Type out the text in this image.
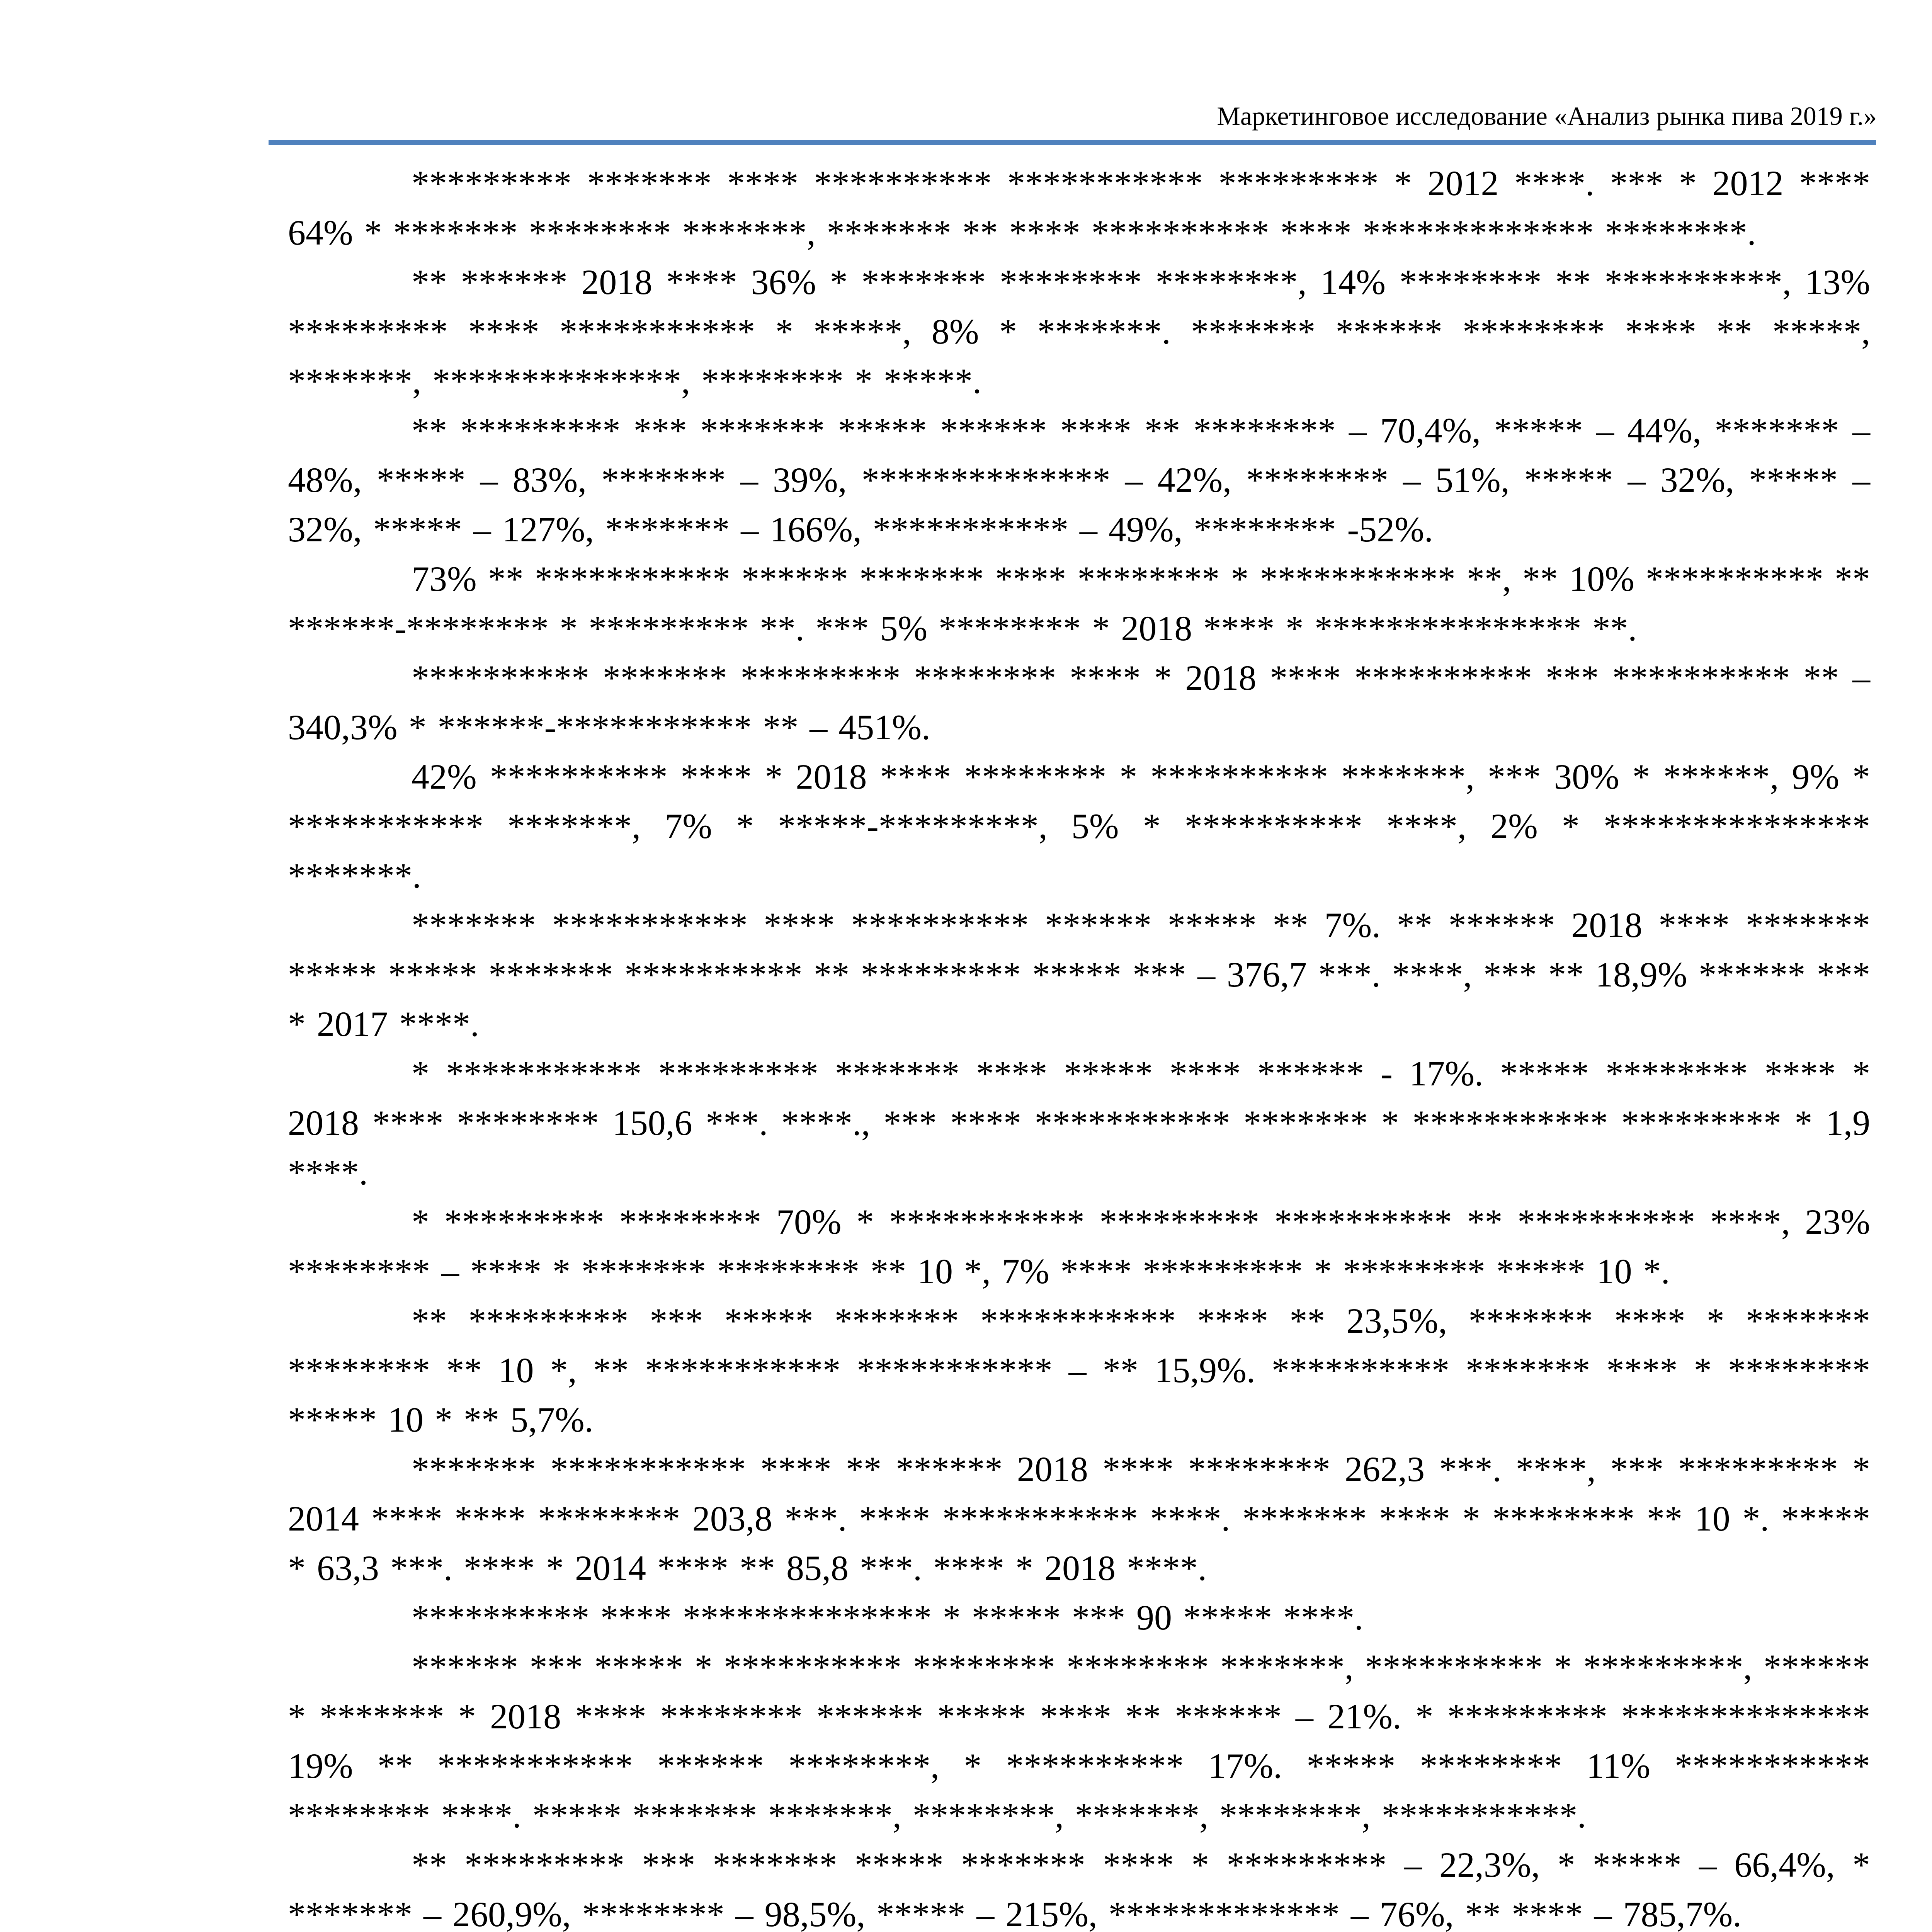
Маркетинговое исследование «Анализ рынка пива 2019 г.»

********* ******* **** ********** *********** ********* * 2012 ****. *** * 2012 **** 64% * ******* ******** *******, ******* ** **** ********** **** ************* ********.

** ****** 2018 **** 36% * ******* ******** ********, 14% ******** ** **********, 13% ********* **** *********** * *****, 8% * *******. ******* ****** ******** **** ** *****, *******, **************, ******** * *****.

** ********* *** ******* ***** ****** **** ** ******** – 70,4%, ***** – 44%, ******* – 48%, ***** – 83%, ******* – 39%, ************** – 42%, ******** – 51%, ***** – 32%, ***** – 32%, ***** – 127%, ******* – 166%, *********** – 49%, ******** -52%.

73% ** *********** ****** ******* **** ******** * *********** **, ** 10% ********** ** ******-******** * ********* **. *** 5% ******** * 2018 **** * *************** **.

********** ******* ********* ******** **** * 2018 **** ********** *** ********** ** – 340,3% * ******-*********** ** – 451%.

42% ********** **** * 2018 **** ******** * ********** *******, *** 30% * ******, 9% * *********** *******, 7% * *****-*********, 5% * ********** ****, 2% * *************** *******.

******* *********** **** ********** ****** ***** ** 7%. ** ****** 2018 **** ******* ***** ***** ******* ********** ** ********* ***** *** – 376,7 ***. ****, *** ** 18,9% ****** *** * 2017 ****.

* *********** ********* ******* **** ***** **** ****** - 17%. ***** ******** **** * 2018 **** ******** 150,6 ***. ****., *** **** *********** ******* * *********** ********* * 1,9 ****.

* ********* ******** 70% * *********** ********* ********** ** ********** ****, 23% ******** – **** * ******* ******** ** 10 *, 7% **** ********* * ******** ***** 10 *.

** ********* *** ***** ******* *********** **** ** 23,5%, ******* **** * ******* ******** ** 10 *, ** *********** *********** – ** 15,9%. ********** ******* **** * ******** ***** 10 * ** 5,7%.

******* *********** **** ** ****** 2018 **** ******** 262,3 ***. ****, *** ********* * 2014 **** **** ******** 203,8 ***. **** *********** ****. ******* **** * ******** ** 10 *. ***** * 63,3 ***. **** * 2014 **** ** 85,8 ***. **** * 2018 ****.

********** **** ************** * ***** *** 90 ***** ****.

****** *** ***** * ********** ******** ******** *******, ********** * *********, ****** * ******* * 2018 **** ******** ****** ***** **** ** ****** – 21%. * ********* ************** 19% ** *********** ****** ********, * ********** 17%. ***** ******** 11% *********** ******** ****. ***** ******* *******, ********, *******, ********, ***********.

** ********* *** ******* ***** ******* **** * ********* – 22,3%, * ***** – 66,4%, * ******* – 260,9%, ******** – 98,5%, ***** – 215%, ************* – 76%, ** **** – 785,7%.
